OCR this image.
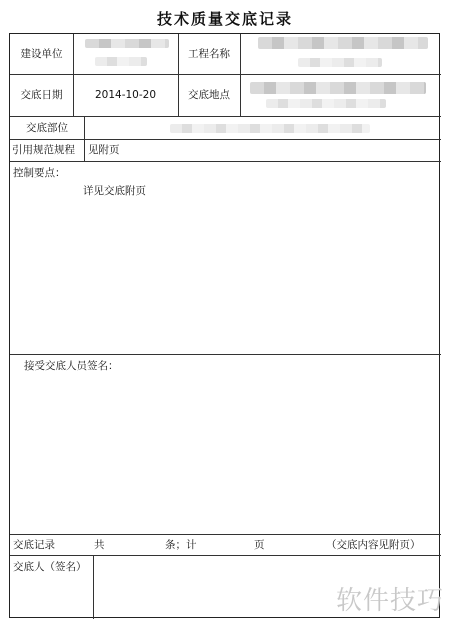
技术质量交底记录
建设单位	工程名称
交底日期	2014-10-20	交底地点
交底部位
引用规范规程	见附页
控制要点：
详见交底附页
接受交底人员签名：
交底记录	共	条；计	页	（交底内容见附页）
交底人（签名）
软件技巧
